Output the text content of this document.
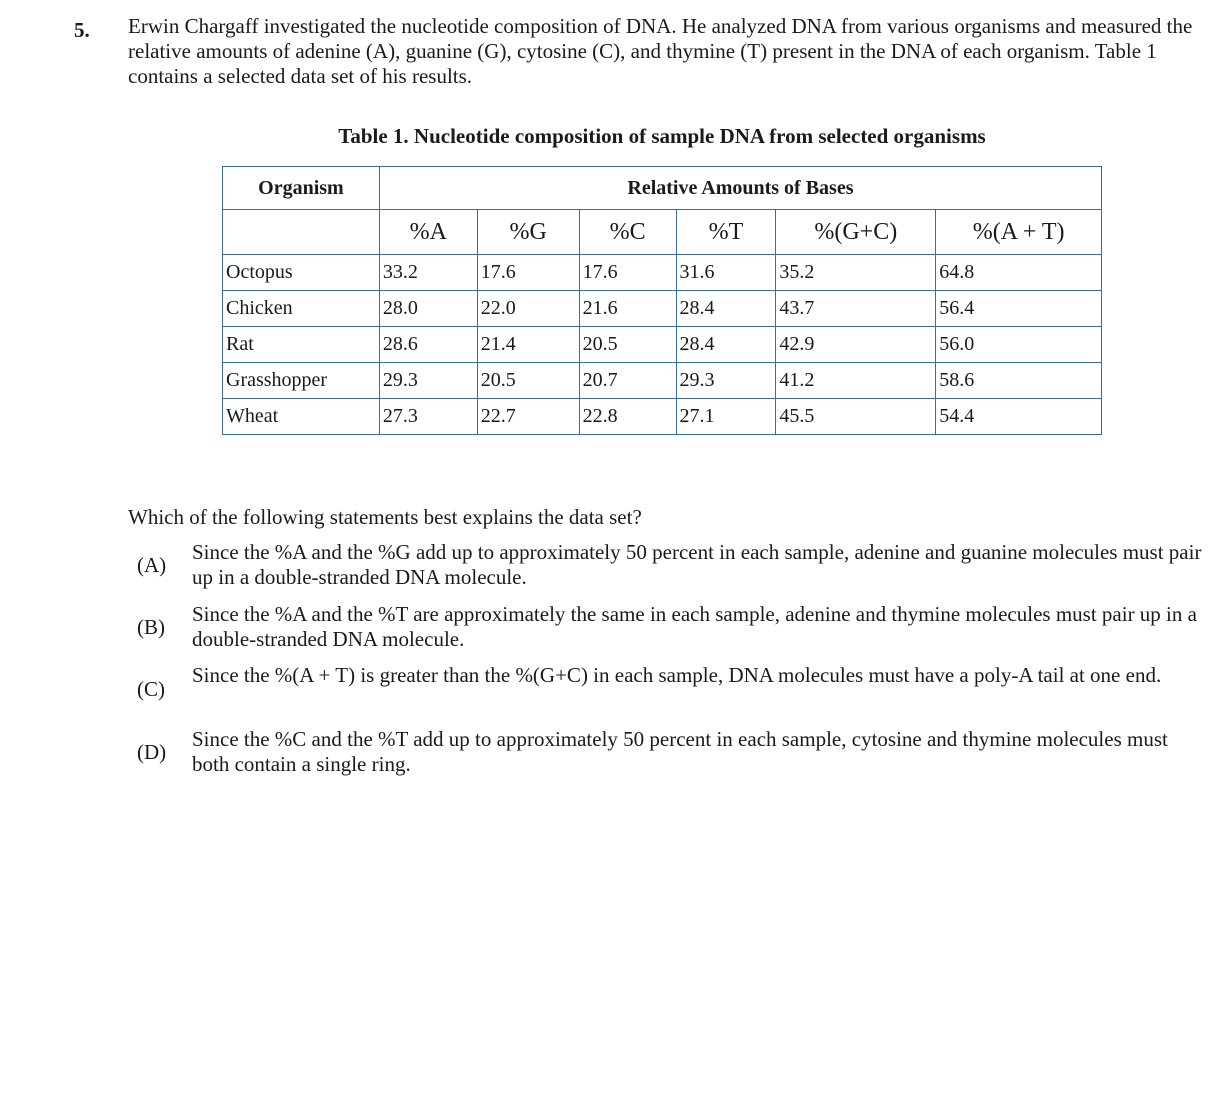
5. Erwin Chargaff investigated the nucleotide composition of DNA. He analyzed DNA from various organisms and measured the relative amounts of adenine (A), guanine (G), cytosine (C), and thymine (T) present in the DNA of each organism. Table 1 contains a selected data set of his results.
Table 1. Nucleotide composition of sample DNA from selected organisms
Organism	Relative Amounts of Bases					
	%A	%G	%C	%T	%(G+C)	%(A + T)
Octopus	33.2	17.6	17.6	31.6	35.2	64.8
Chicken	28.0	22.0	21.6	28.4	43.7	56.4
Rat	28.6	21.4	20.5	28.4	42.9	56.0
Grasshopper	29.3	20.5	20.7	29.3	41.2	58.6
Wheat	27.3	22.7	22.8	27.1	45.5	54.4
Which of the following statements best explains the data set?
(A)
Since the %A and the %G add up to approximately 50 percent in each sample, adenine and guanine molecules must pair up in a double-stranded DNA molecule.
(B)
Since the %A and the %T are approximately the same in each sample, adenine and thymine molecules must pair up in a double-stranded DNA molecule.
(C)
Since the %(A + T) is greater than the %(G+C) in each sample, DNA molecules must have a poly-A tail at one end.
(D)
Since the %C and the %T add up to approximately 50 percent in each sample, cytosine and thymine molecules must both contain a single ring.
